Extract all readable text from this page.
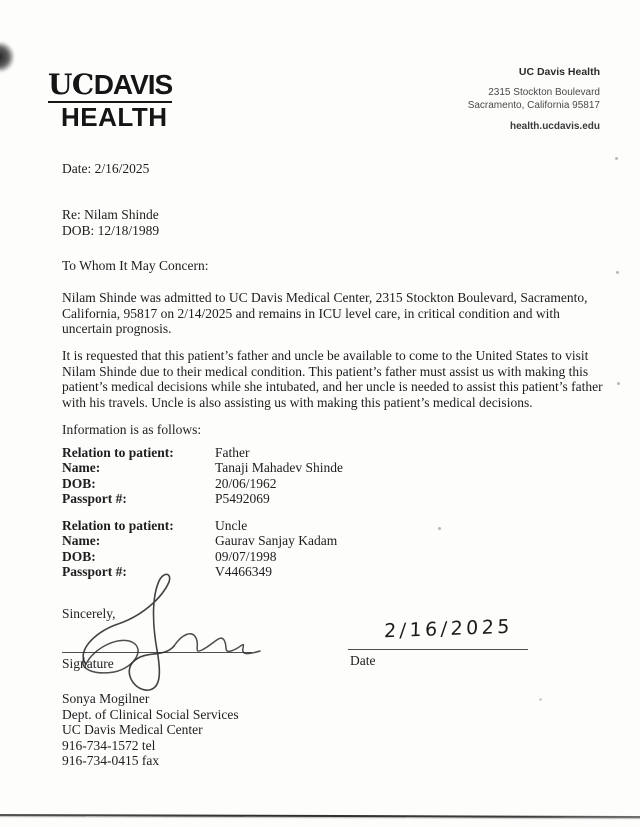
UCDAVIS
HEALTH
UC Davis Health
2315 Stockton Boulevard
Sacramento, California 95817
health.ucdavis.edu
Date: 2/16/2025
Re: Nilam Shinde
DOB: 12/18/1989
To Whom It May Concern:
Nilam Shinde was admitted to UC Davis Medical Center, 2315 Stockton Boulevard, Sacramento, California, 95817 on 2/14/2025 and remains in ICU level care, in critical condition and with uncertain prognosis.
It is requested that this patient’s father and uncle be available to come to the United States to visit Nilam Shinde due to their medical condition. This patient’s father must assist us with making this patient’s medical decisions while she intubated, and her uncle is needed to assist this patient’s father with his travels. Uncle is also assisting us with making this patient’s medical decisions.
Information is as follows:
Relation to patient:	Father
Name:	Tanaji Mahadev Shinde
DOB:	20/06/1962
Passport #:	P5492069
Relation to patient:	Uncle
Name:	Gaurav Sanjay Kadam
DOB:	09/07/1998
Passport #:	V4466349
Sincerely,
Signature
2/16/2025
Date
Sonya Mogilner
Dept. of Clinical Social Services
UC Davis Medical Center
916-734-1572 tel
916-734-0415 fax
